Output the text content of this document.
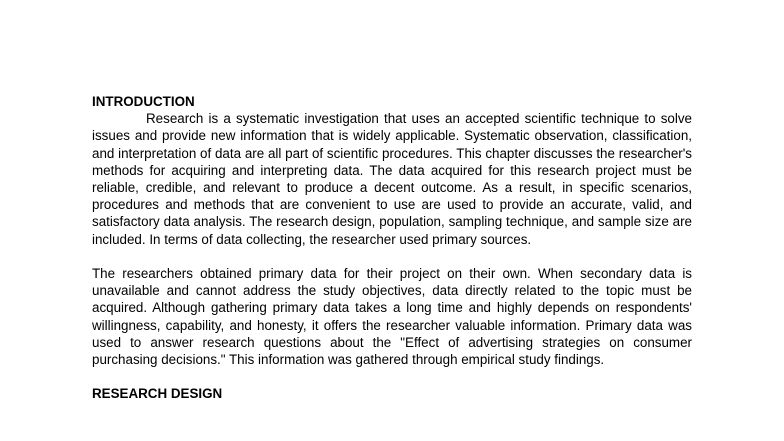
INTRODUCTION

Research is a systematic investigation that uses an accepted scientific technique to solve issues and provide new information that is widely applicable. Systematic observation, classification, and interpretation of data are all part of scientific procedures. This chapter discusses the researcher's methods for acquiring and interpreting data. The data acquired for this research project must be reliable, credible, and relevant to produce a decent outcome. As a result, in specific scenarios, procedures and methods that are convenient to use are used to provide an accurate, valid, and satisfactory data analysis. The research design, population, sampling technique, and sample size are included. In terms of data collecting, the researcher used primary sources.

The researchers obtained primary data for their project on their own. When secondary data is unavailable and cannot address the study objectives, data directly related to the topic must be acquired. Although gathering primary data takes a long time and highly depends on respondents' willingness, capability, and honesty, it offers the researcher valuable information. Primary data was used to answer research questions about the "Effect of advertising strategies on consumer purchasing decisions." This information was gathered through empirical study findings.

RESEARCH DESIGN
